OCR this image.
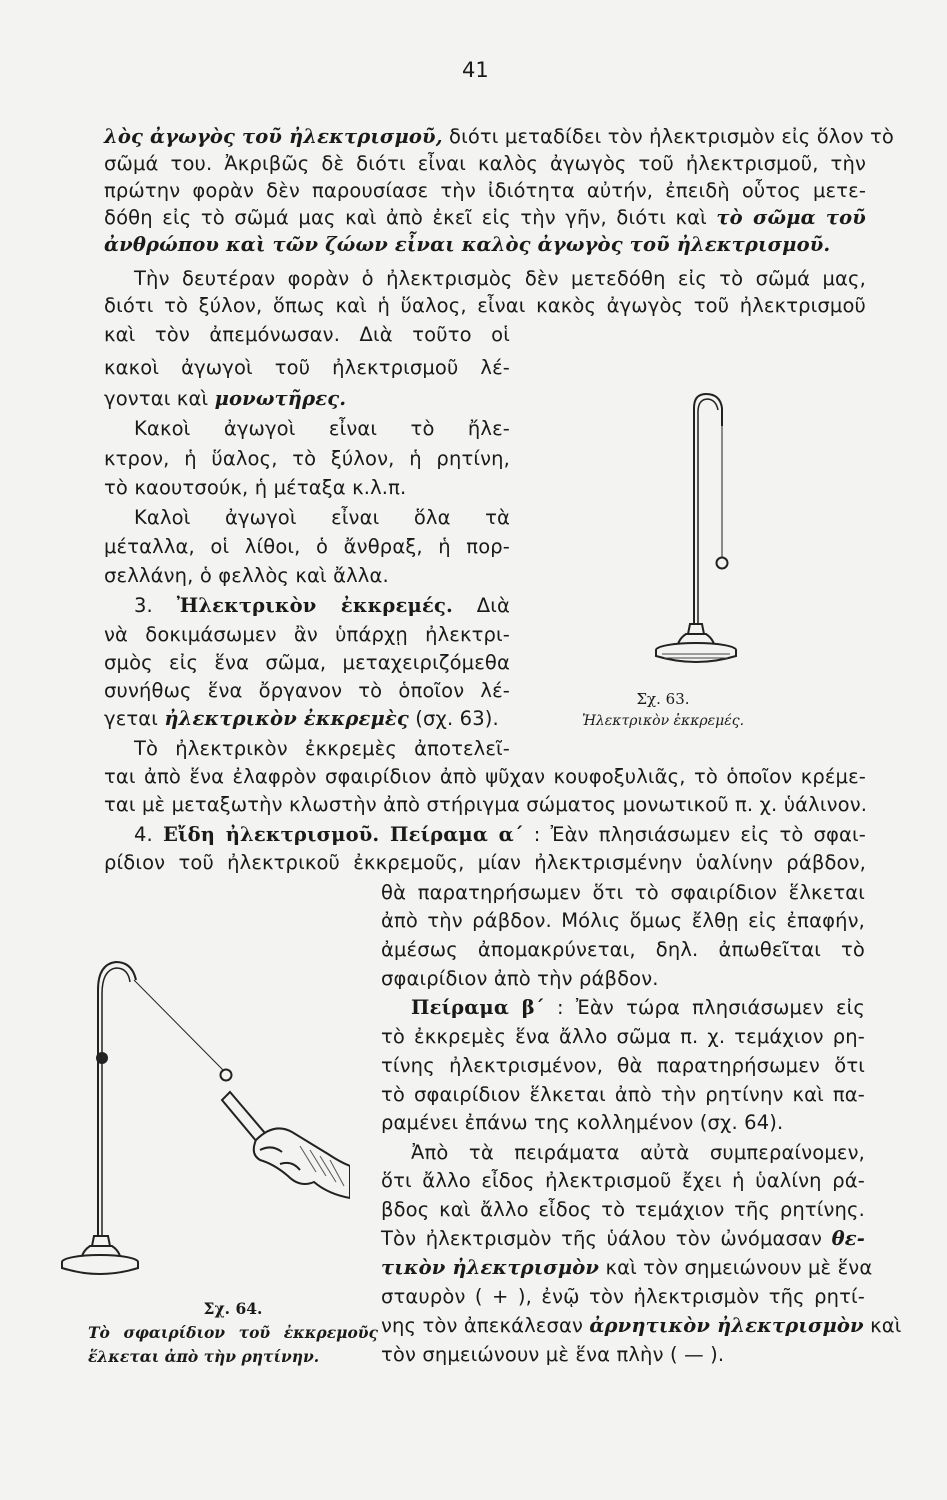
41

λὸς ἀγωγὸς τοῦ ἠλεκτρισμοῦ, διότι μεταδίδει τὸν ἠλεκτρισμὸν εἰς ὅλον τὸ

σῶμά του. Ἀκριβῶς δὲ διότι εἶναι καλὸς ἀγωγὸς τοῦ ἠλεκτρισμοῦ, τὴν

πρώτην φορὰν δὲν παρουσίασε τὴν ἰδιότητα αὐτήν, ἐπειδὴ οὗτος μετε-

δόθη εἰς τὸ σῶμά μας καὶ ἀπὸ ἐκεῖ εἰς τὴν γῆν, διότι καὶ τὸ σῶμα τοῦ

ἀνθρώπου καὶ τῶν ζώων εἶναι καλὸς ἀγωγὸς τοῦ ἠλεκτρισμοῦ.

Τὴν δευτέραν φορὰν ὁ ἠλεκτρισμὸς δὲν μετεδόθη εἰς τὸ σῶμά μας,

διότι τὸ ξύλον, ὅπως καὶ ἡ ὕαλος, εἶναι κακὸς ἀγωγὸς τοῦ ἠλεκτρισμοῦ

καὶ τὸν ἀπεμόνωσαν. Διὰ τοῦτο οἱ

κακοὶ ἀγωγοὶ τοῦ ἠλεκτρισμοῦ λέ-

γονται καὶ μονωτῆρες.

Κακοὶ ἀγωγοὶ εἶναι τὸ ἤλε-

κτρον, ἡ ὕαλος, τὸ ξύλον, ἡ ρητίνη,

τὸ καουτσούκ, ἡ μέταξα κ.λ.π.

Καλοὶ ἀγωγοὶ εἶναι ὅλα τὰ

μέταλλα, οἱ λίθοι, ὁ ἄνθραξ, ἡ πορ-

σελλάνη, ὁ φελλὸς καὶ ἄλλα.

3. Ἠλεκτρικὸν ἐκκρεμές. Διὰ

νὰ δοκιμάσωμεν ἂν ὑπάρχῃ ἠλεκτρι-

σμὸς εἰς ἕνα σῶμα, μεταχειριζόμεθα

συνήθως ἕνα ὄργανον τὸ ὁποῖον λέ-

γεται ἠλεκτρικὸν ἐκκρεμὲς (σχ. 63).

Τὸ ἠλεκτρικὸν ἐκκρεμὲς ἀποτελεῖ-

ται ἀπὸ ἕνα ἐλαφρὸν σφαιρίδιον ἀπὸ ψῦχαν κουφοξυλιᾶς, τὸ ὁποῖον κρέμε-

ται μὲ μεταξωτὴν κλωστὴν ἀπὸ στήριγμα σώματος μονωτικοῦ π. χ. ὑάλινον.

4. Εἴδη ἠλεκτρισμοῦ. Πείραμα α΄ : Ἐὰν πλησιάσωμεν εἰς τὸ σφαι-

ρίδιον τοῦ ἠλεκτρικοῦ ἐκκρεμοῦς, μίαν ἠλεκτρισμένην ὑαλίνην ράβδον,

θὰ παρατηρήσωμεν ὅτι τὸ σφαιρίδιον ἕλκεται

ἀπὸ τὴν ράβδον. Μόλις ὅμως ἔλθῃ εἰς ἐπαφήν,

ἀμέσως ἀπομακρύνεται, δηλ. ἀπωθεῖται τὸ

σφαιρίδιον ἀπὸ τὴν ράβδον.

Πείραμα β΄ : Ἐὰν τώρα πλησιάσωμεν εἰς

τὸ ἐκκρεμὲς ἕνα ἄλλο σῶμα π. χ. τεμάχιον ρη-

τίνης ἠλεκτρισμένον, θὰ παρατηρήσωμεν ὅτι

τὸ σφαιρίδιον ἕλκεται ἀπὸ τὴν ρητίνην καὶ πα-

ραμένει ἐπάνω της κολλημένον (σχ. 64).

Ἀπὸ τὰ πειράματα αὐτὰ συμπεραίνομεν,

ὅτι ἄλλο εἶδος ἠλεκτρισμοῦ ἔχει ἡ ὑαλίνη ρά-

βδος καὶ ἄλλο εἶδος τὸ τεμάχιον τῆς ρητίνης.

Τὸν ἠλεκτρισμὸν τῆς ὑάλου τὸν ὠνόμασαν θε-

τικὸν ἠλεκτρισμὸν καὶ τὸν σημειώνουν μὲ ἕνα

σταυρὸν ( + ), ἐνῷ τὸν ἠλεκτρισμὸν τῆς ρητί-

νης τὸν ἀπεκάλεσαν ἀρνητικὸν ἠλεκτρισμὸν καὶ

τὸν σημειώνουν μὲ ἕνα πλὴν ( — ).

Σχ. 63.
Ἠλεκτρικὸν ἐκκρεμές.
Σχ. 64.
Τὸ σφαιρίδιον τοῦ ἐκκρεμοῦς ἕλκεται ἀπὸ τὴν ρητίνην.
